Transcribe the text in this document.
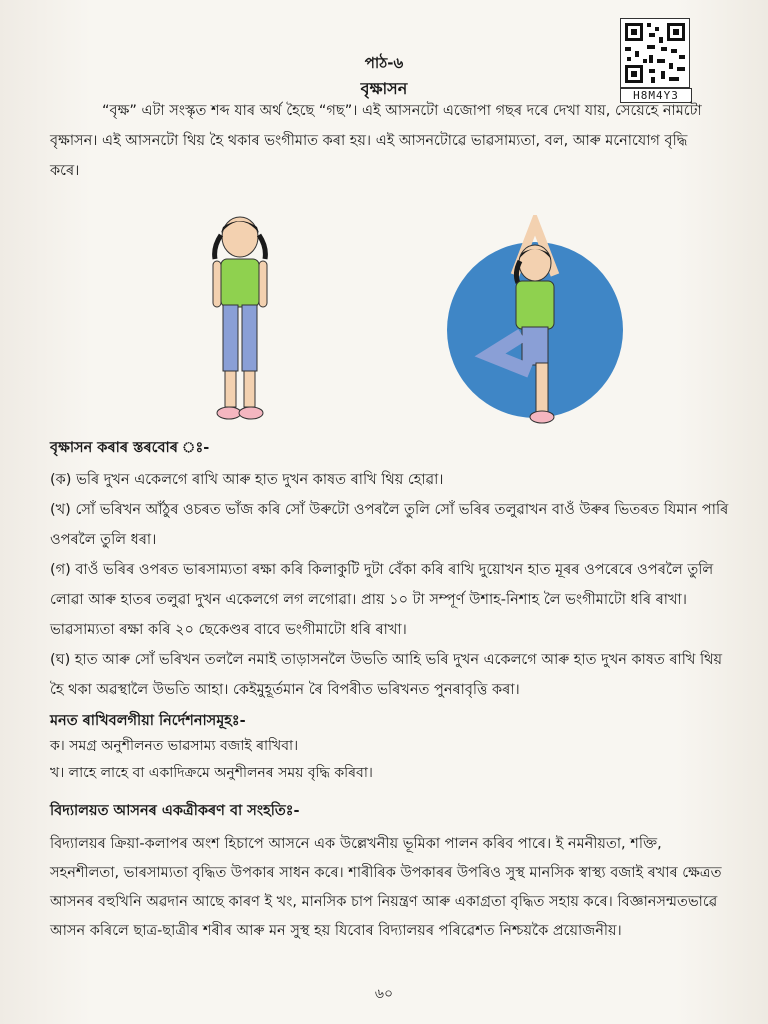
H8M4Y3
পাঠ-৬
বৃক্ষাসন
“বৃক্ষ” এটা সংস্কৃত শব্দ যাৰ অৰ্থ হৈছে “গছ”। এই আসনটো এজোপা গছৰ দৰে দেখা যায়, সেয়েহে নামটো বৃক্ষাসন। এই আসনটো থিয় হৈ থকাৰ ভংগীমাত কৰা হয়। এই আসনটোৱে ভাৱসাম্যতা, বল, আৰু মনোযোগ বৃদ্ধি কৰে।
বৃক্ষাসন কৰাৰ স্তৰবোৰ ঃ-
(ক) ভৰি দুখন একেলগে ৰাখি আৰু হাত দুখন কাষত ৰাখি থিয় হোৱা।
(খ) সোঁ ভৰিখন আঁঠুৰ ওচৰত ভাঁজ কৰি সোঁ উৰুটো ওপৰলৈ তুলি সোঁ ভৰিৰ তলুৱাখন বাওঁ উৰুৰ ভিতৰত যিমান পাৰি ওপৰলৈ তুলি ধৰা।
(গ) বাওঁ ভৰিৰ ওপৰত ভাৰসাম্যতা ৰক্ষা কৰি কিলাকুটি দুটা বেঁকা কৰি ৰাখি দুয়োখন হাত মূৰৰ ওপৰেৰে ওপৰলৈ তুলি লোৱা আৰু হাতৰ তলুৱা দুখন একেলগে লগ লগোৱা। প্ৰায় ১০ টা সম্পূৰ্ণ উশাহ-নিশাহ লৈ ভংগীমাটো ধৰি ৰাখা। ভাৱসাম্যতা ৰক্ষা কৰি ২০ ছেকেণ্ডৰ বাবে ভংগীমাটো ধৰি ৰাখা।
(ঘ) হাত আৰু সোঁ ভৰিখন তললৈ নমাই তাড়াসনলৈ উভতি আহি ভৰি দুখন একেলগে আৰু হাত দুখন কাষত ৰাখি থিয় হৈ থকা অৱস্থালৈ উভতি আহা। কেইমুহূৰ্তমান ৰৈ বিপৰীত ভৰিখনত পুনৰাবৃত্তি কৰা।
মনত ৰাখিবলগীয়া নিৰ্দেশনাসমূহঃ-
ক। সমগ্ৰ অনুশীলনত ভাৱসাম্য বজাই ৰাখিবা।
খ। লাহে লাহে বা একাদিক্ৰমে অনুশীলনৰ সময় বৃদ্ধি কৰিবা।
বিদ্যালয়ত আসনৰ একত্ৰীকৰণ বা সংহতিঃ-
বিদ্যালয়ৰ ক্ৰিয়া-কলাপৰ অংশ হিচাপে আসনে এক উল্লেখনীয় ভূমিকা পালন কৰিব পাৰে। ই নমনীয়তা, শক্তি, সহনশীলতা, ভাৰসাম্যতা বৃদ্ধিত উপকাৰ সাধন কৰে। শাৰীৰিক উপকাৰৰ উপৰিও সুস্থ মানসিক স্বাস্থ্য বজাই ৰখাৰ ক্ষেত্ৰত আসনৰ বহুখিনি অৱদান আছে কাৰণ ই খং, মানসিক চাপ নিয়ন্ত্ৰণ আৰু একাগ্ৰতা বৃদ্ধিত সহায় কৰে। বিজ্ঞানসন্মতভাৱে আসন কৰিলে ছাত্ৰ-ছাত্ৰীৰ শৰীৰ আৰু মন সুস্থ হয় যিবোৰ বিদ্যালয়ৰ পৰিৱেশত নিশ্চয়কৈ প্ৰয়োজনীয়।
৬০
